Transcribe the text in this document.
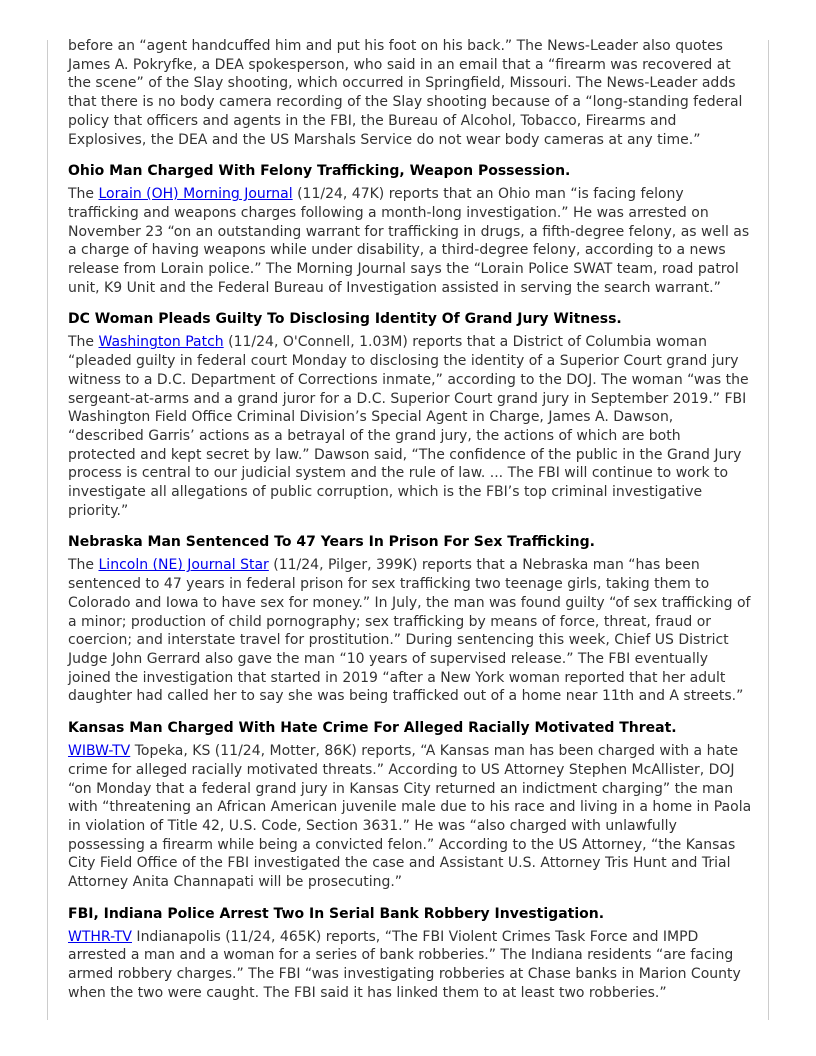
before an “agent handcuffed him and put his foot on his back.” The News-Leader also quotes James A. Pokryfke, a DEA spokesperson, who said in an email that a “firearm was recovered at the scene” of the Slay shooting, which occurred in Springfield, Missouri. The News-Leader adds that there is no body camera recording of the Slay shooting because of a “long-standing federal policy that officers and agents in the FBI, the Bureau of Alcohol, Tobacco, Firearms and Explosives, the DEA and the US Marshals Service do not wear body cameras at any time.”

Ohio Man Charged With Felony Trafficking, Weapon Possession.

The Lorain (OH) Morning Journal (11/24, 47K) reports that an Ohio man “is facing felony trafficking and weapons charges following a month-long investigation.” He was arrested on November 23 “on an outstanding warrant for trafficking in drugs, a fifth-degree felony, as well as a charge of having weapons while under disability, a third-degree felony, according to a news release from Lorain police.” The Morning Journal says the “Lorain Police SWAT team, road patrol unit, K9 Unit and the Federal Bureau of Investigation assisted in serving the search warrant.”

DC Woman Pleads Guilty To Disclosing Identity Of Grand Jury Witness.

The Washington Patch (11/24, O'Connell, 1.03M) reports that a District of Columbia woman “pleaded guilty in federal court Monday to disclosing the identity of a Superior Court grand jury witness to a D.C. Department of Corrections inmate,” according to the DOJ. The woman “was the sergeant-at-arms and a grand juror for a D.C. Superior Court grand jury in September 2019.” FBI Washington Field Office Criminal Division’s Special Agent in Charge, James A. Dawson, “described Garris’ actions as a betrayal of the grand jury, the actions of which are both protected and kept secret by law.” Dawson said, “The confidence of the public in the Grand Jury process is central to our judicial system and the rule of law. ... The FBI will continue to work to investigate all allegations of public corruption, which is the FBI’s top criminal investigative priority.”

Nebraska Man Sentenced To 47 Years In Prison For Sex Trafficking.

The Lincoln (NE) Journal Star (11/24, Pilger, 399K) reports that a Nebraska man “has been sentenced to 47 years in federal prison for sex trafficking two teenage girls, taking them to Colorado and Iowa to have sex for money.” In July, the man was found guilty “of sex trafficking of a minor; production of child pornography; sex trafficking by means of force, threat, fraud or coercion; and interstate travel for prostitution.” During sentencing this week, Chief US District Judge John Gerrard also gave the man “10 years of supervised release.” The FBI eventually joined the investigation that started in 2019 “after a New York woman reported that her adult daughter had called her to say she was being trafficked out of a home near 11th and A streets.”

Kansas Man Charged With Hate Crime For Alleged Racially Motivated Threat.

WIBW-TV Topeka, KS (11/24, Motter, 86K) reports, “A Kansas man has been charged with a hate crime for alleged racially motivated threats.” According to US Attorney Stephen McAllister, DOJ “on Monday that a federal grand jury in Kansas City returned an indictment charging” the man with “threatening an African American juvenile male due to his race and living in a home in Paola in violation of Title 42, U.S. Code, Section 3631.” He was “also charged with unlawfully possessing a firearm while being a convicted felon.” According to the US Attorney, “the Kansas City Field Office of the FBI investigated the case and Assistant U.S. Attorney Tris Hunt and Trial Attorney Anita Channapati will be prosecuting.”

FBI, Indiana Police Arrest Two In Serial Bank Robbery Investigation.

WTHR-TV Indianapolis (11/24, 465K) reports, “The FBI Violent Crimes Task Force and IMPD arrested a man and a woman for a series of bank robberies.” The Indiana residents “are facing armed robbery charges.” The FBI “was investigating robberies at Chase banks in Marion County when the two were caught. The FBI said it has linked them to at least two robberies.”
